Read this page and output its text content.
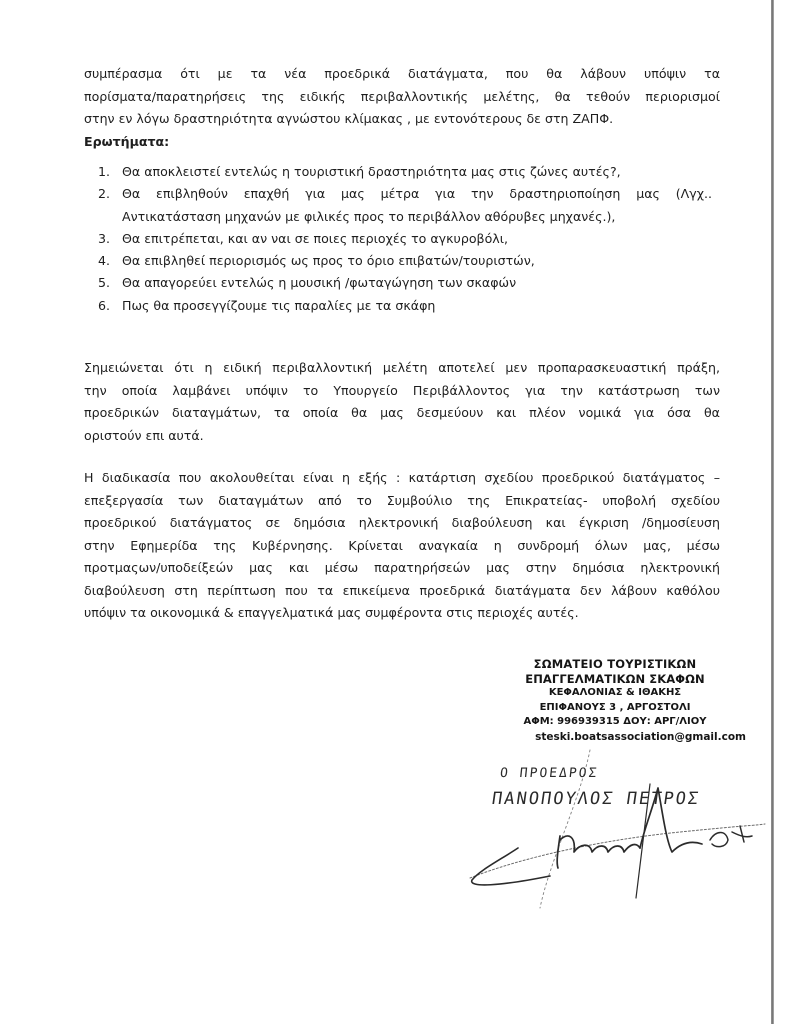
συμπέρασμα ότι με τα νέα προεδρικά διατάγματα, που θα λάβουν υπόψιν τα
πορίσματα/παρατηρήσεις της ειδικής περιβαλλοντικής μελέτης, θα τεθούν περιορισμοί
στην εν λόγω δραστηριότητα αγνώστου κλίμακας , με εντονότερους δε στη ΖΑΠΦ.
Ερωτήματα:
1. Θα αποκλειστεί εντελώς η τουριστική δραστηριότητα μας στις ζώνες αυτές?,
2. Θα επιβληθούν επαχθή για μας μέτρα για την δραστηριοποίηση μας (Λγχ..
Αντικατάσταση μηχανών με φιλικές προς το περιβάλλον αθόρυβες μηχανές.),
3. Θα επιτρέπεται, και αν ναι σε ποιες περιοχές το αγκυροβόλι,
4. Θα επιβληθεί περιορισμός ως προς το όριο επιβατών/τουριστών,
5. Θα απαγορεύει εντελώς η μουσική /φωταγώγηση των σκαφών
6. Πως θα προσεγγίζουμε τις παραλίες με τα σκάφη
Σημειώνεται ότι η ειδική περιβαλλοντική μελέτη αποτελεί μεν προπαρασκευαστική πράξη,
την οποία λαμβάνει υπόψιν το Υπουργείο Περιβάλλοντος για την κατάστρωση των
προεδρικών διαταγμάτων, τα οποία θα μας δεσμεύουν και πλέον νομικά για όσα θα
οριστούν επι αυτά.
Η διαδικασία που ακολουθείται είναι η εξής : κατάρτιση σχεδίου προεδρικού διατάγματος –
επεξεργασία των διαταγμάτων από το Συμβούλιο της Επικρατείας- υποβολή σχεδίου
προεδρικού διατάγματος σε δημόσια ηλεκτρονική διαβούλευση και έγκριση /δημοσίευση
στην Εφημερίδα της Κυβέρνησης. Κρίνεται αναγκαία η συνδρομή όλων μας, μέσω
προτμαςων/υποδείξεών μας και μέσω παρατηρήσεών μας στην δημόσια ηλεκτρονική
διαβούλευση στη περίπτωση που τα επικείμενα προεδρικά διατάγματα δεν λάβουν καθόλου
υπόψιν τα οικονομικά & επαγγελματικά μας συμφέροντα στις περιοχές αυτές.
ΣΩΜΑΤΕΙΟ ΤΟΥΡΙΣΤΙΚΩΝ
ΕΠΑΓΓΕΛΜΑΤΙΚΩΝ ΣΚΑΦΩΝ
ΚΕΦΑΛΟΝΙΑΣ & ΙΘΑΚΗΣ
ΕΠΙΦΑΝΟΥΣ 3 , ΑΡΓΟΣΤΟΛΙ
ΑΦΜ: 996939315 ΔΟΥ: ΑΡΓ/ΛΙΟΥ
steski.boatsassociation@gmail.com
Ο ΠΡΟΕΔΡΟΣ
ΠΑΝΟΠΟΥΛΟΣ ΠΕΤΡΟΣ
